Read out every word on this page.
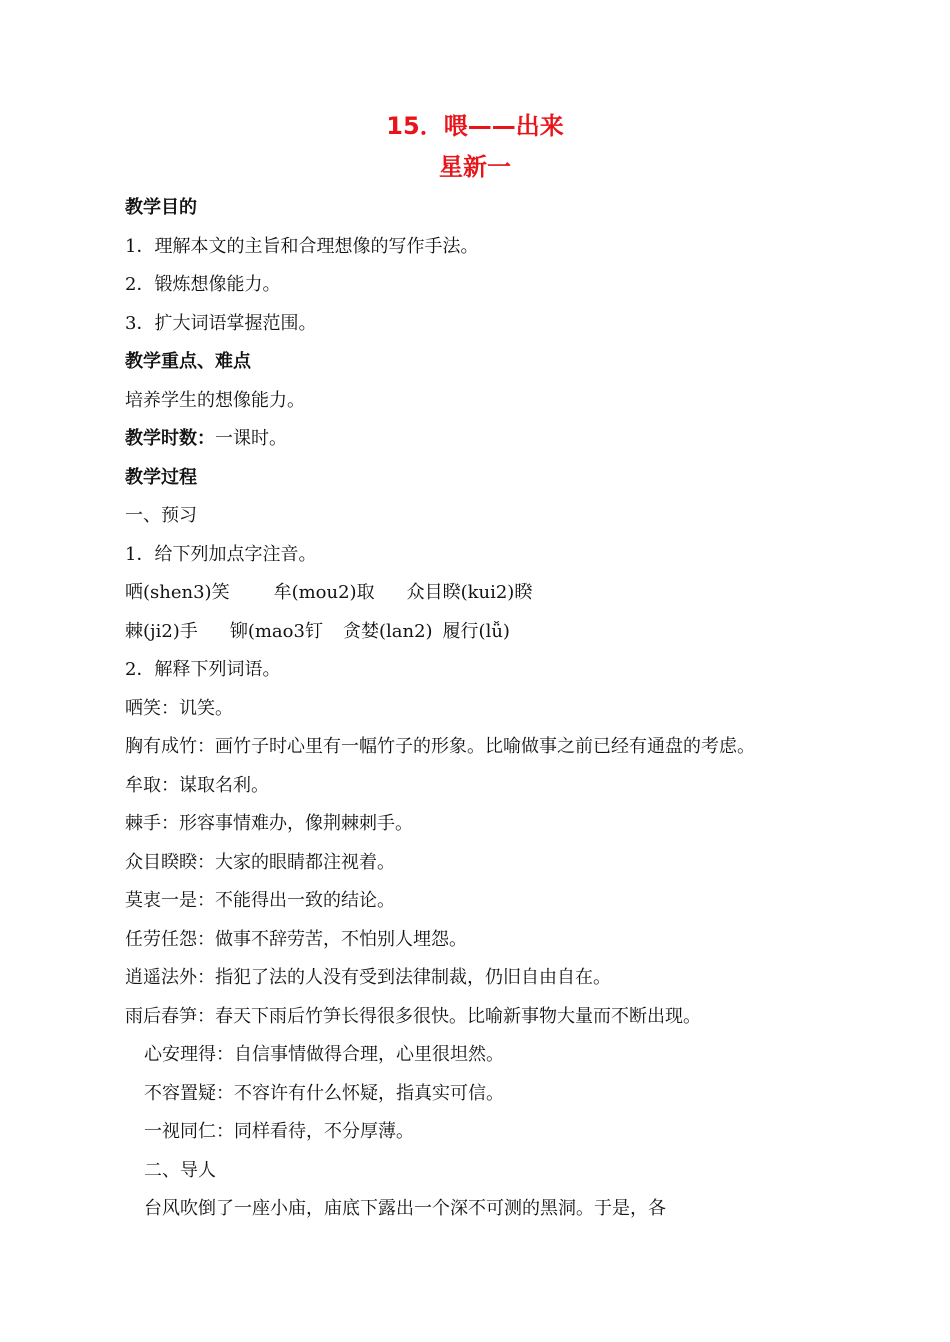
15．喂——出来
星新一
教学目的
1．理解本文的主旨和合理想像的写作手法。
2．锻炼想像能力。
3．扩大词语掌握范围。
教学重点、难点
培养学生的想像能力。
教学时数：一课时。
教学过程
一、预习
1．给下列加点字注音。
哂(shen3)笑 牟(mou2)取 众目睽(kui2)睽
棘(ji2)手 铆(mao3钉 贪婪(lan2) 履行(lǚ)
2．解释下列词语。
哂笑：讥笑。
胸有成竹：画竹子时心里有一幅竹子的形象。比喻做事之前已经有通盘的考虑。
牟取：谋取名利。
棘手：形容事情难办，像荆棘刺手。
众目睽睽：大家的眼睛都注视着。
莫衷一是：不能得出一致的结论。
任劳任怨：做事不辞劳苦，不怕别人埋怨。
逍遥法外：指犯了法的人没有受到法律制裁，仍旧自由自在。
雨后春笋：春天下雨后竹笋长得很多很快。比喻新事物大量而不断出现。
心安理得：自信事情做得合理，心里很坦然。
不容置疑：不容许有什么怀疑，指真实可信。
一视同仁：同样看待，不分厚薄。
二、导人
台风吹倒了一座小庙，庙底下露出一个深不可测的黑洞。于是，各
